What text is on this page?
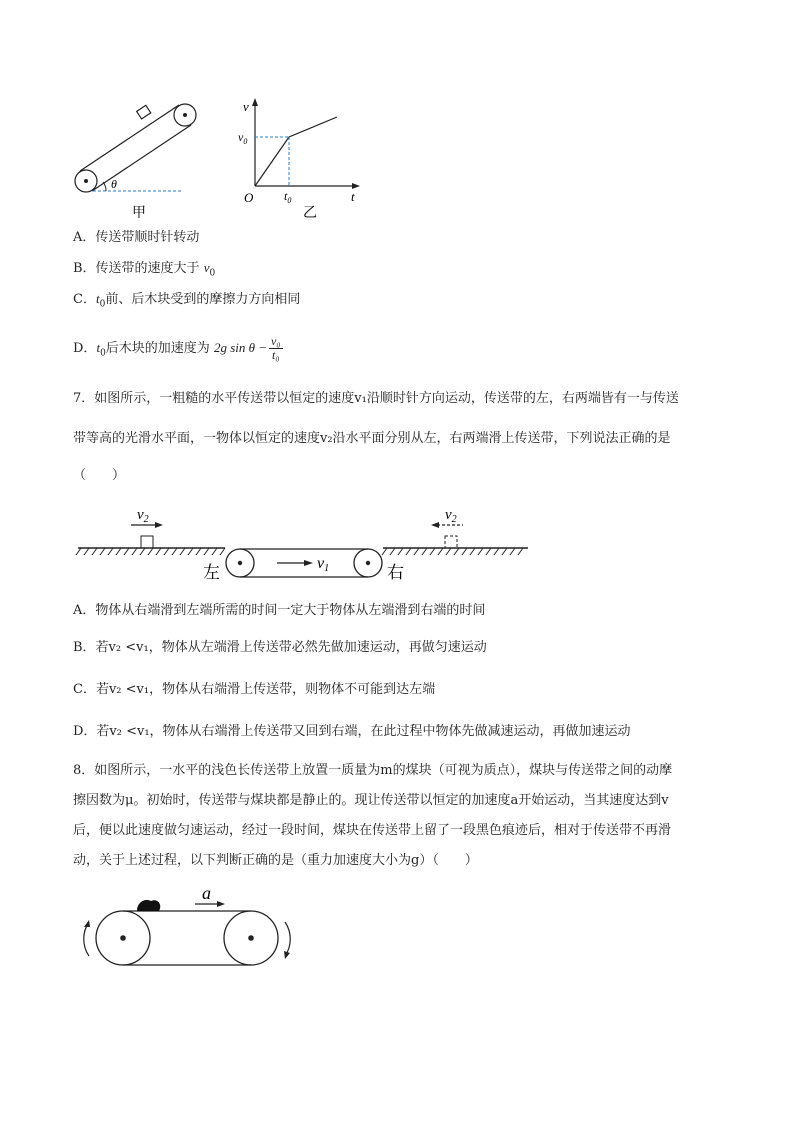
θ
甲
v
t
O
$v_0$
$t_0$
乙
A．传送带顺时针转动
B．传送带的速度大于 $v_0$
C．$t_0$前、后木块受到的摩擦力方向相同
D．$t_0$后木块的加速度为 2g $\sin \theta - \frac{\text{v₀}}{\text{t₀}}$
7．如图所示，一粗糙的水平传送带以恒定的速度v₁沿顺时针方向运动，传送带的左，右两端皆有一与传送
带等高的光滑水平面，一物体以恒定的速度v₂沿水平面分别从左，右两端滑上传送带，下列说法正确的是
（　　）
$v_2$	$v_2$
v1
左	右
A．物体从右端滑到左端所需的时间一定大于物体从左端滑到右端的时间
B．若v₂ <v₁，物体从左端滑上传送带必然先做加速运动，再做匀速运动
C．若v₂ <v₁，物体从右端滑上传送带，则物体不可能到达左端
D．若v₂ <v₁，物体从右端滑上传送带又回到右端，在此过程中物体先做减速运动，再做加速运动
8．如图所示，一水平的浅色长传送带上放置一质量为m的煤块（可视为质点），煤块与传送带之间的动摩
擦因数为μ。初始时，传送带与煤块都是静止的。现让传送带以恒定的加速度a开始运动，当其速度达到v
后，便以此速度做匀速运动，经过一段时间，煤块在传送带上留了一段黑色痕迹后，相对于传送带不再滑
动，关于上述过程，以下判断正确的是（重力加速度大小为g）（　　）
a
